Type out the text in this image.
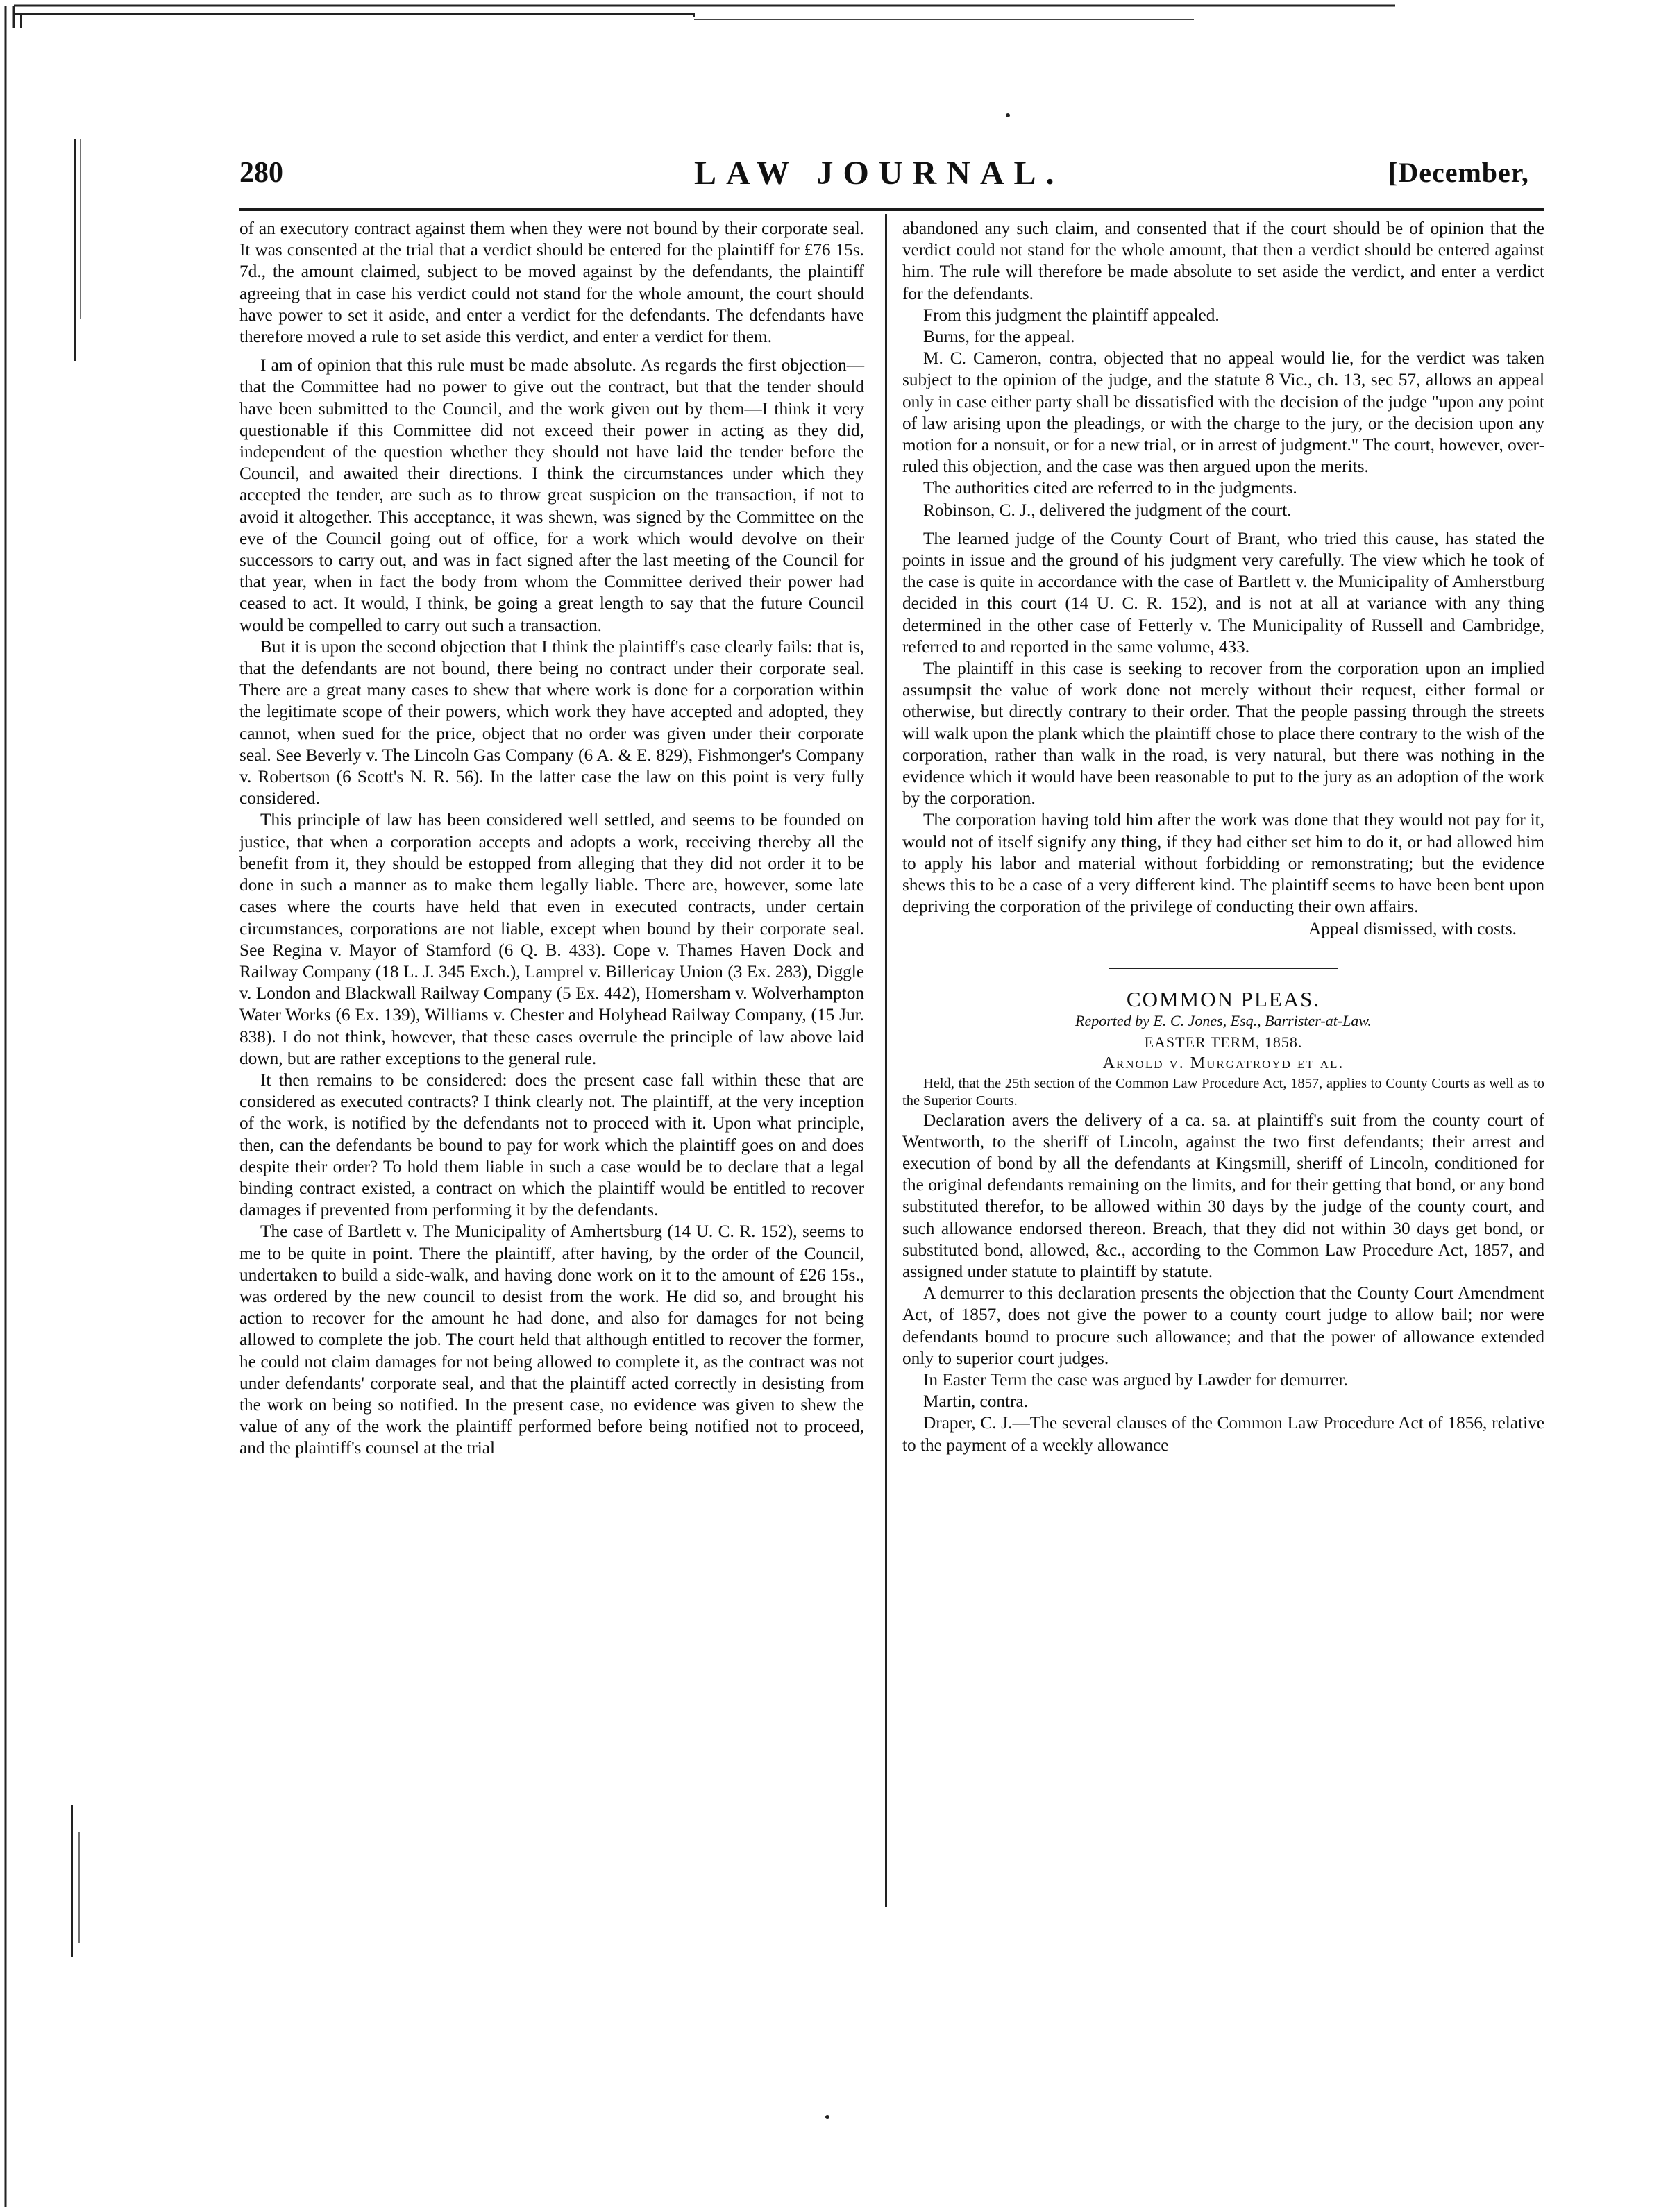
280	LAW JOURNAL.	[December,

of an executory contract against them when they were not bound by their corporate seal. It was consented at the trial that a verdict should be entered for the plaintiff for £76 15s. 7d., the amount claimed, subject to be moved against by the defendants, the plaintiff agreeing that in case his verdict could not stand for the whole amount, the court should have power to set it aside, and enter a verdict for the defendants. The defendants have therefore moved a rule to set aside this verdict, and enter a verdict for them.

I am of opinion that this rule must be made absolute. As regards the first objection—that the Committee had no power to give out the contract, but that the tender should have been submitted to the Council, and the work given out by them—I think it very questionable if this Committee did not exceed their power in acting as they did, independent of the question whether they should not have laid the tender before the Council, and awaited their directions. I think the circumstances under which they accepted the tender, are such as to throw great suspicion on the transaction, if not to avoid it altogether. This acceptance, it was shewn, was signed by the Committee on the eve of the Council going out of office, for a work which would devolve on their successors to carry out, and was in fact signed after the last meeting of the Council for that year, when in fact the body from whom the Committee derived their power had ceased to act. It would, I think, be going a great length to say that the future Council would be compelled to carry out such a transaction.

But it is upon the second objection that I think the plaintiff's case clearly fails: that is, that the defendants are not bound, there being no contract under their corporate seal. There are a great many cases to shew that where work is done for a corporation within the legitimate scope of their powers, which work they have accepted and adopted, they cannot, when sued for the price, object that no order was given under their corporate seal. See Beverly v. The Lincoln Gas Company (6 A. & E. 829), Fishmonger's Company v. Robertson (6 Scott's N. R. 56). In the latter case the law on this point is very fully considered.

This principle of law has been considered well settled, and seems to be founded on justice, that when a corporation accepts and adopts a work, receiving thereby all the benefit from it, they should be estopped from alleging that they did not order it to be done in such a manner as to make them legally liable. There are, however, some late cases where the courts have held that even in executed contracts, under certain circumstances, corporations are not liable, except when bound by their corporate seal. See Regina v. Mayor of Stamford (6 Q. B. 433). Cope v. Thames Haven Dock and Railway Company (18 L. J. 345 Exch.), Lamprel v. Billericay Union (3 Ex. 283), Diggle v. London and Blackwall Railway Company (5 Ex. 442), Homersham v. Wolverhampton Water Works (6 Ex. 139), Williams v. Chester and Holyhead Railway Company, (15 Jur. 838). I do not think, however, that these cases overrule the principle of law above laid down, but are rather exceptions to the general rule.

It then remains to be considered: does the present case fall within these that are considered as executed contracts? I think clearly not. The plaintiff, at the very inception of the work, is notified by the defendants not to proceed with it. Upon what principle, then, can the defendants be bound to pay for work which the plaintiff goes on and does despite their order? To hold them liable in such a case would be to declare that a legal binding contract existed, a contract on which the plaintiff would be entitled to recover damages if prevented from performing it by the defendants.

The case of Bartlett v. The Municipality of Amhertsburg (14 U. C. R. 152), seems to me to be quite in point. There the plaintiff, after having, by the order of the Council, undertaken to build a side-walk, and having done work on it to the amount of £26 15s., was ordered by the new council to desist from the work. He did so, and brought his action to recover for the amount he had done, and also for damages for not being allowed to complete the job. The court held that although entitled to recover the former, he could not claim damages for not being allowed to complete it, as the contract was not under defendants' corporate seal, and that the plaintiff acted correctly in desisting from the work on being so notified. In the present case, no evidence was given to shew the value of any of the work the plaintiff performed before being notified not to proceed, and the plaintiff's counsel at the trial

abandoned any such claim, and consented that if the court should be of opinion that the verdict could not stand for the whole amount, that then a verdict should be entered against him. The rule will therefore be made absolute to set aside the verdict, and enter a verdict for the defendants.

From this judgment the plaintiff appealed.

Burns, for the appeal.

M. C. Cameron, contra, objected that no appeal would lie, for the verdict was taken subject to the opinion of the judge, and the statute 8 Vic., ch. 13, sec 57, allows an appeal only in case either party shall be dissatisfied with the decision of the judge "upon any point of law arising upon the pleadings, or with the charge to the jury, or the decision upon any motion for a nonsuit, or for a new trial, or in arrest of judgment." The court, however, over-ruled this objection, and the case was then argued upon the merits.

The authorities cited are referred to in the judgments.

Robinson, C. J., delivered the judgment of the court.

The learned judge of the County Court of Brant, who tried this cause, has stated the points in issue and the ground of his judgment very carefully. The view which he took of the case is quite in accordance with the case of Bartlett v. the Municipality of Amherstburg decided in this court (14 U. C. R. 152), and is not at all at variance with any thing determined in the other case of Fetterly v. The Municipality of Russell and Cambridge, referred to and reported in the same volume, 433.

The plaintiff in this case is seeking to recover from the corporation upon an implied assumpsit the value of work done not merely without their request, either formal or otherwise, but directly contrary to their order. That the people passing through the streets will walk upon the plank which the plaintiff chose to place there contrary to the wish of the corporation, rather than walk in the road, is very natural, but there was nothing in the evidence which it would have been reasonable to put to the jury as an adoption of the work by the corporation.

The corporation having told him after the work was done that they would not pay for it, would not of itself signify any thing, if they had either set him to do it, or had allowed him to apply his labor and material without forbidding or remonstrating; but the evidence shews this to be a case of a very different kind. The plaintiff seems to have been bent upon depriving the corporation of the privilege of conducting their own affairs.

Appeal dismissed, with costs.

COMMON PLEAS.

Reported by E. C. Jones, Esq., Barrister-at-Law.

EASTER TERM, 1858.

Arnold v. Murgatroyd et al.

Held, that the 25th section of the Common Law Procedure Act, 1857, applies to County Courts as well as to the Superior Courts.

Declaration avers the delivery of a ca. sa. at plaintiff's suit from the county court of Wentworth, to the sheriff of Lincoln, against the two first defendants; their arrest and execution of bond by all the defendants at Kingsmill, sheriff of Lincoln, conditioned for the original defendants remaining on the limits, and for their getting that bond, or any bond substituted therefor, to be allowed within 30 days by the judge of the county court, and such allowance endorsed thereon. Breach, that they did not within 30 days get bond, or substituted bond, allowed, &c., according to the Common Law Procedure Act, 1857, and assigned under statute to plaintiff by statute.

A demurrer to this declaration presents the objection that the County Court Amendment Act, of 1857, does not give the power to a county court judge to allow bail; nor were defendants bound to procure such allowance; and that the power of allowance extended only to superior court judges.

In Easter Term the case was argued by Lawder for demurrer.

Martin, contra.

Draper, C. J.—The several clauses of the Common Law Procedure Act of 1856, relative to the payment of a weekly allowance
